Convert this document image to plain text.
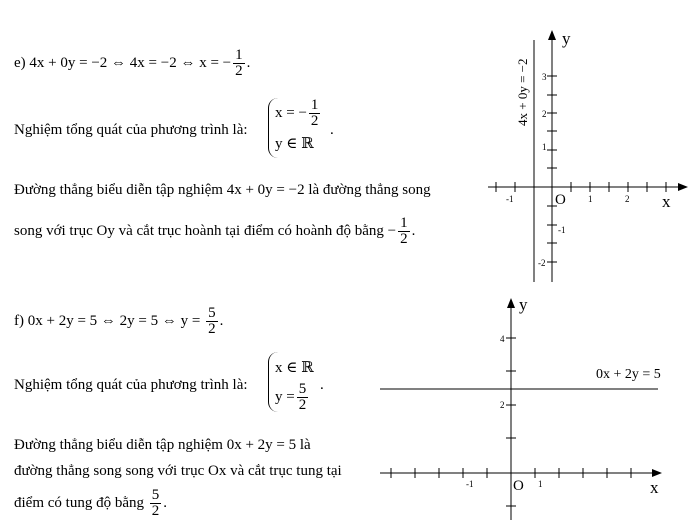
e) 4x + 0y = −2 ⇔ 4x = −2 ⇔ x = − $\frac{1}{2}$ .
Nghiệm tổng quát của phương trình là:
x = − $\frac{1}{2}$
y ∈ ℝ
.
Đường thẳng biểu diễn tập nghiệm 4x + 0y = −2 là đường thẳng song
song với trục Oy và cắt trục hoành tại điểm có hoành độ bằng − $\frac{1}{2}$ .
y
x
O
-1	1	2
3
2
1
-1
-2
4x + 0y = −2
f) 0x + 2y = 5 ⇔ 2y = 5 ⇔ $y = \frac{5}{2}$ .
Nghiệm tổng quát của phương trình là:
x ∈ ℝ
$y = \frac{5}{2}$ .
Đường thẳng biểu diễn tập nghiệm 0x + 2y = 5 là
đường thẳng song song với trục Ox và cắt trục tung tại
điểm có tung độ bằng $\frac{5}{2}$ .
y
x
O
-1	1
4
2
0x + 2y = 5
